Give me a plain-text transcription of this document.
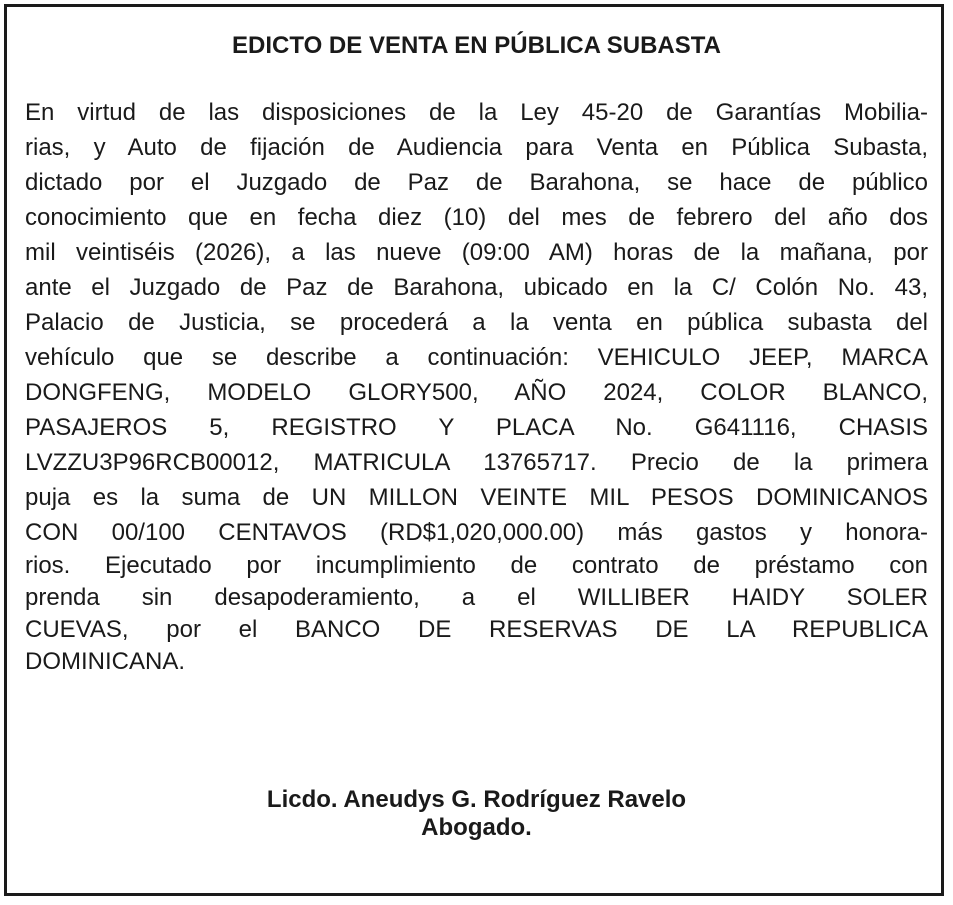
EDICTO DE VENTA EN PÚBLICA SUBASTA
En virtud de las disposiciones de la Ley 45-20 de Garantías Mobilia-
rias, y Auto de fijación de Audiencia para Venta en Pública Subasta,
dictado por el Juzgado de Paz de Barahona, se hace de público
conocimiento que en fecha diez (10) del mes de febrero del año dos
mil veintiséis (2026), a las nueve (09:00 AM) horas de la mañana, por
ante el Juzgado de Paz de Barahona, ubicado en la C/ Colón No. 43,
Palacio de Justicia, se procederá a la venta en pública subasta del
vehículo que se describe a continuación: VEHICULO JEEP, MARCA
DONGFENG, MODELO GLORY500, AÑO 2024, COLOR BLANCO,
PASAJEROS 5, REGISTRO Y PLACA No. G641116, CHASIS
LVZZU3P96RCB00012, MATRICULA 13765717. Precio de la primera
puja es la suma de UN MILLON VEINTE MIL PESOS DOMINICANOS
CON 00/100 CENTAVOS (RD$1,020,000.00) más gastos y honora-
rios. Ejecutado por incumplimiento de contrato de préstamo con
prenda sin desapoderamiento, a el WILLIBER HAIDY SOLER
CUEVAS, por el BANCO DE RESERVAS DE LA REPUBLICA
DOMINICANA.
Licdo. Aneudys G. Rodríguez Ravelo
Abogado.
